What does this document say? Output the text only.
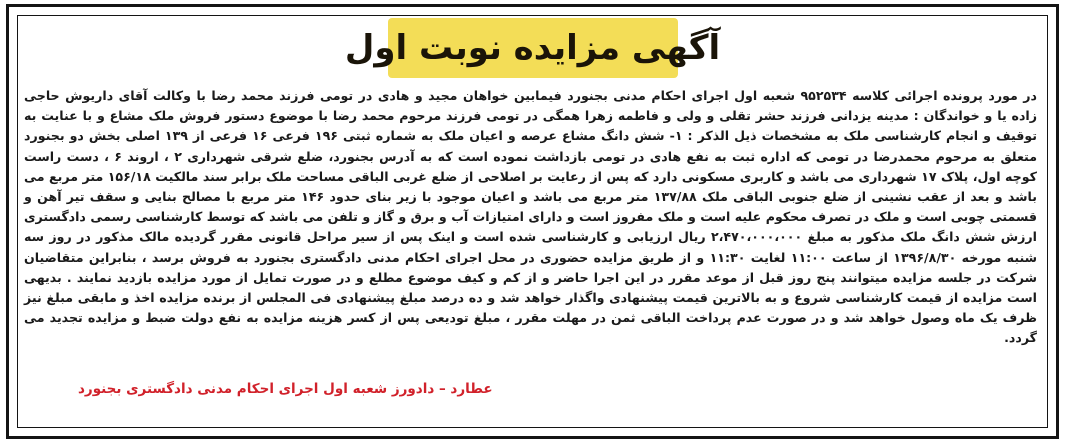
آگهی مزایده نوبت اول

در مورد پرونده اجرائی کلاسه ۹۵۲۵۳۴ شعبه اول اجرای احکام مدنی بجنورد فیمابین خواهان مجید و هادی در تومی فرزند محمد رضا با وکالت آقای داریوش حاجی زاده یا و خواندگان : مدینه یزدانی فرزند حشر تقلی و ولی و فاطمه زهرا همگی در تومی فرزند مرحوم محمد رضا با موضوع دستور فروش ملک مشاع و با عنایت به توقیف و انجام کارشناسی ملک به مشخصات ذیل الذکر : ۱- شش دانگ مشاع عرصه و اعیان ملک به شماره ثبتی ۱۹۶ فرعی ۱۶ فرعی از ۱۳۹ اصلی بخش دو بجنورد متعلق به مرحوم محمدرضا در تومی که اداره ثبت به نفع هادی در تومی بازداشت نموده است که به آدرس بجنورد، ضلع شرقی شهرداری ۲ ، اروند ۶ ، دست راست کوچه اول، پلاک ۱۷ شهرداری می باشد و کاربری مسکونی دارد که پس از رعایت بر اصلاحی از ضلع غربی الباقی مساحت ملک برابر سند مالکیت ۱۵۶/۱۸ متر مربع می باشد و بعد از عقب نشینی از ضلع جنوبی الباقی ملک ۱۳۷/۸۸ متر مربع می باشد و اعیان موجود با زیر بنای حدود ۱۴۶ متر مربع با مصالح بنایی و سقف تیر آهن و قسمتی چوبی است و ملک در تصرف محکوم علیه است و ملک مفروز است و دارای امتیازات آب و برق و گاز و تلفن می باشد که توسط کارشناسی رسمی دادگستری ارزش شش دانگ ملک مذکور به مبلغ ۲،۴۷۰،۰۰۰،۰۰۰ ریال ارزیابی و کارشناسی شده است و اینک پس از سیر مراحل قانونی مقرر گردیده مالک مذکور در روز سه شنبه مورخه ۱۳۹۶/۸/۳۰ از ساعت ۱۱:۰۰ لغایت ۱۱:۳۰ و از طریق مزایده حضوری در محل اجرای احکام مدنی دادگستری بجنورد به فروش برسد ، بنابراین متقاضیان شرکت در جلسه مزایده میتوانند پنج روز قبل از موعد مقرر در این اجرا حاضر و از کم و کیف موضوع مطلع و در صورت تمایل از مورد مزایده بازدید نمایند . بدیهی است مزایده از قیمت کارشناسی شروع و به بالاترین قیمت پیشنهادی واگذار خواهد شد و ده درصد مبلغ پیشنهادی فی المجلس از برنده مزایده اخذ و مابقی مبلغ نیز ظرف یک ماه وصول خواهد شد و در صورت عدم پرداخت الباقی ثمن در مهلت مقرر ، مبلغ تودیعی پس از کسر هزینه مزایده به نفع دولت ضبط و مزایده تجدید می گردد.

عطارد – دادورز شعبه اول اجرای احکام مدنی دادگستری بجنورد
